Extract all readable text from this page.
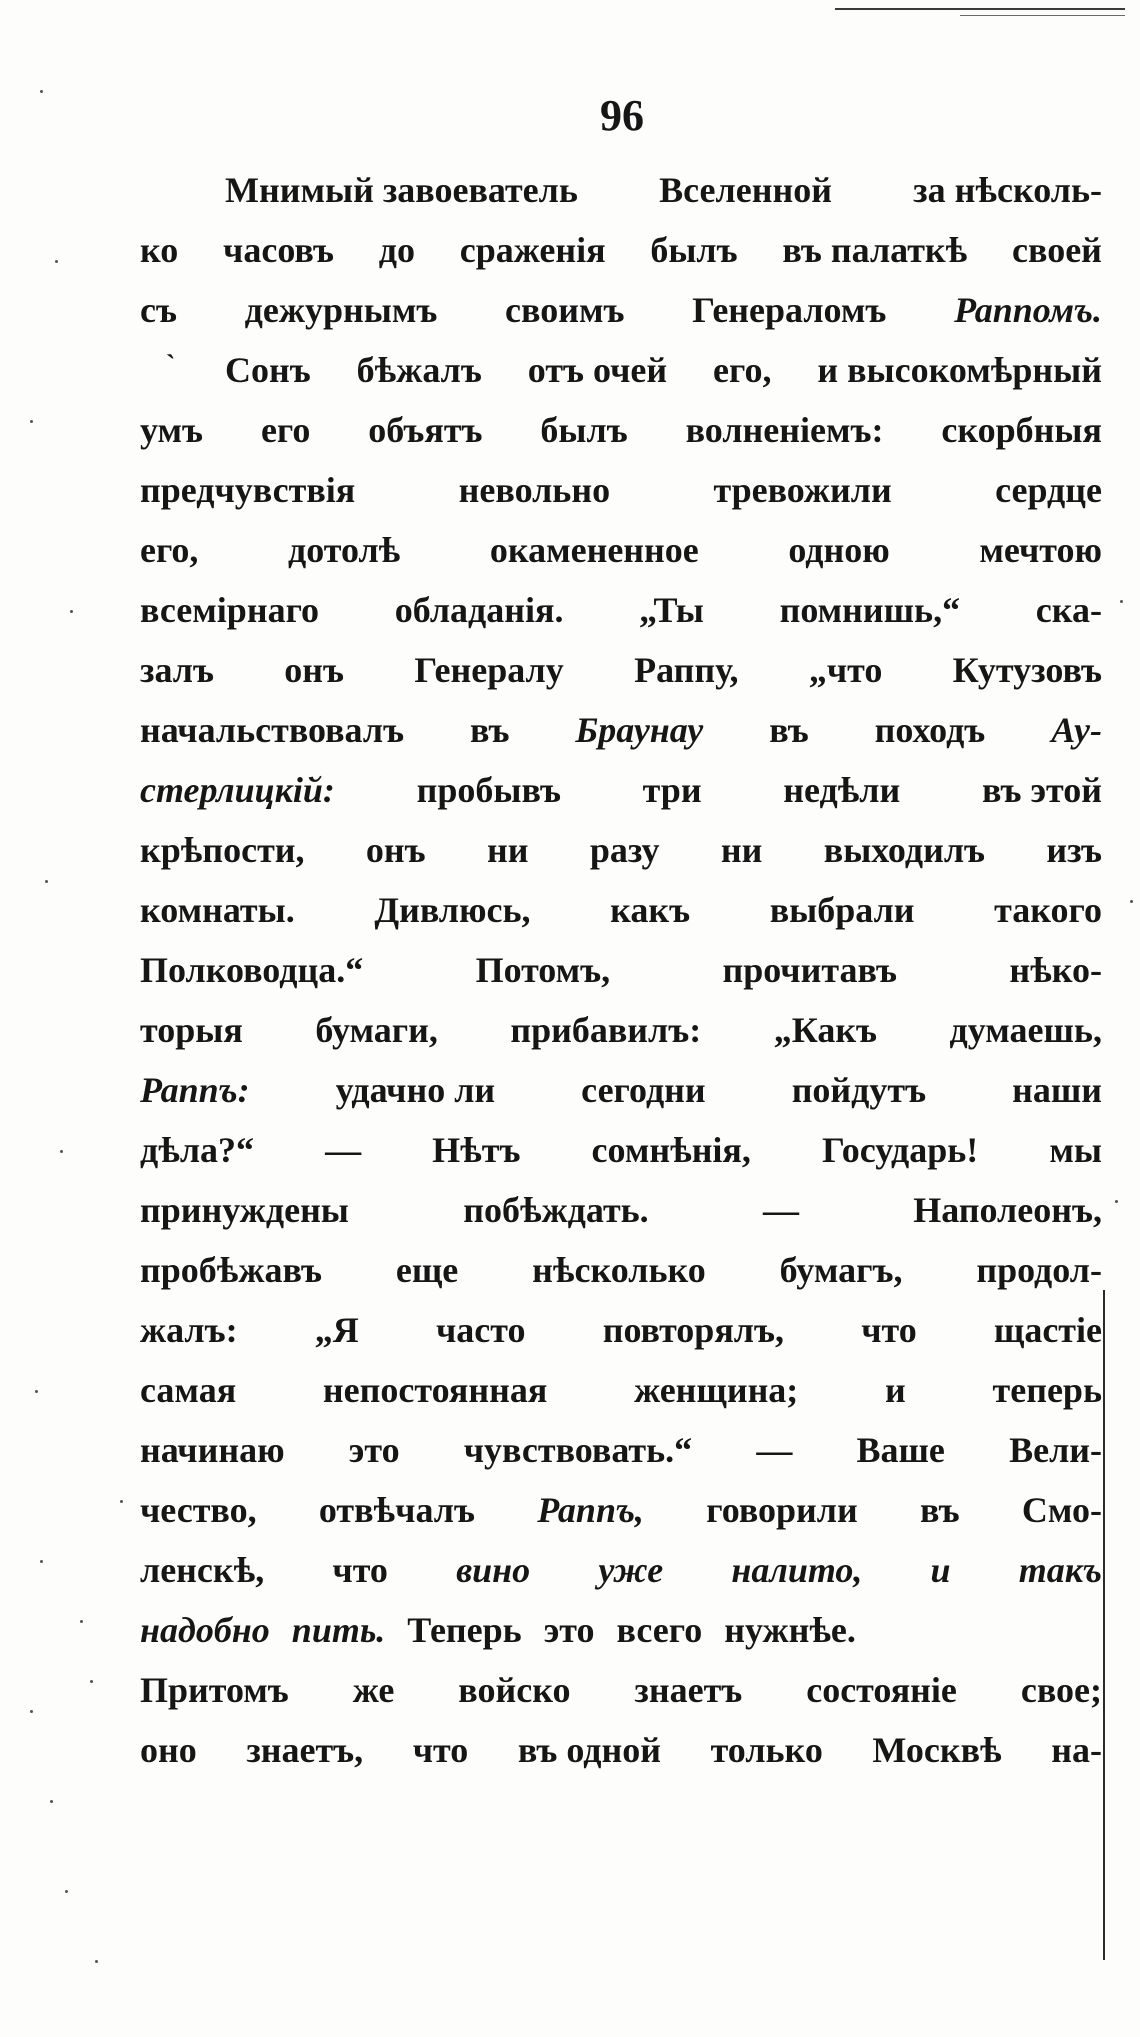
96
ˋ
Мнимый завоеватель Вселенной за нѣсколь-
ко часовъ до сраженія былъ въ палаткѣ своей
съ дежурнымъ своимъ Генераломъ Раппомъ.
Сонъ бѣжалъ отъ очей его, и высокомѣрный
умъ его объятъ былъ волненіемъ: скорбныя
предчувствія	невольно	тревожили	сердце
его, дотолѣ окамененное одною мечтою
всемірнаго обладанія. „Ты помнишь,“ ска-
залъ онъ Генералу Раппу, „что Кутузовъ
начальствовалъ въ Браунау въ походъ Ау-
стерлицкій: пробывъ три недѣли въ этой
крѣпости, онъ ни разу ни выходилъ изъ
комнаты. Дивлюсь, какъ выбрали такого
Полководца.“	Потомъ,	прочитавъ	нѣко-
торыя бумаги, прибавилъ: „Какъ думаешь,
Раппъ: удачно ли сегодни пойдутъ наши
дѣла?“ — Нѣтъ сомнѣнія, Государь! мы
принуждены	побѣждать.	—	Наполеонъ,
пробѣжавъ еще нѣсколько бумагъ, продол-
жалъ: „Я часто повторялъ, что щастіе
самая непостоянная женщина; и теперь
начинаю это чувствовать.“ — Ваше Вели-
чество, отвѣчалъ Раппъ, говорили въ Смо-
ленскѣ, что вино уже налито, и такъ
надобно пить. Теперь это всего нужнѣе.
Притомъ же войско знаетъ состояніе свое;
оно знаетъ, что въ одной только Москвѣ на-
